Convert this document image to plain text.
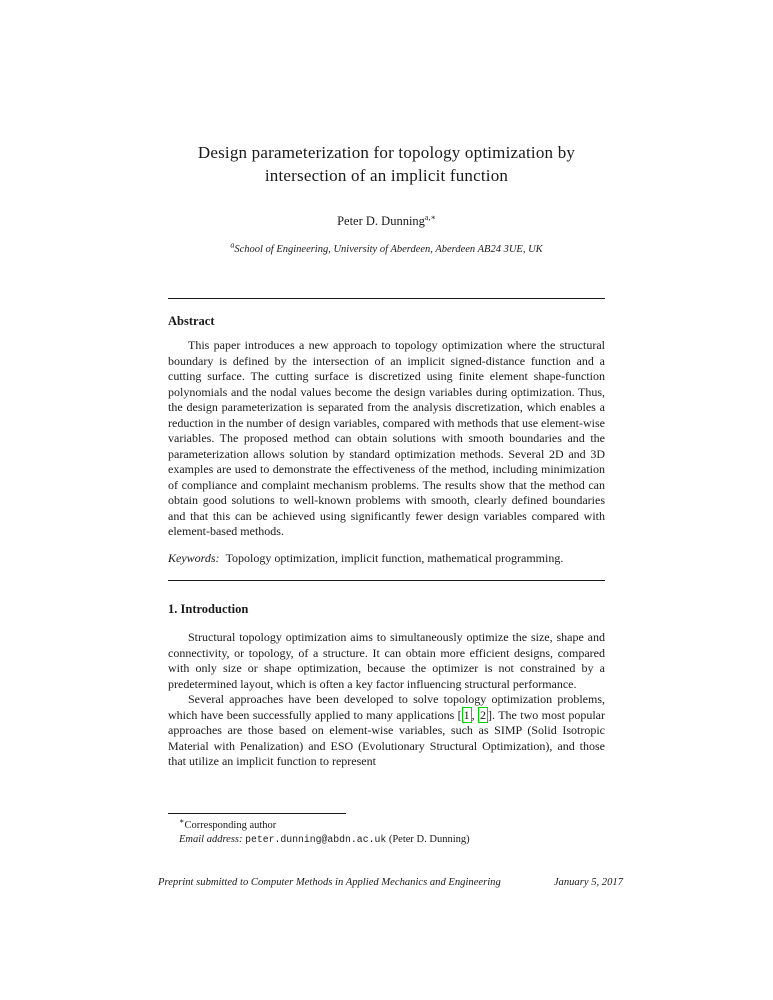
Design parameterization for topology optimization by
intersection of an implicit function
Peter D. Dunning$^{a,∗}$
$^a$School of Engineering, University of Aberdeen, Aberdeen AB24 3UE, UK
Abstract

This paper introduces a new approach to topology optimization where the structural boundary is defined by the intersection of an implicit signed-distance function and a cutting surface. The cutting surface is discretized using finite element shape-function polynomials and the nodal values become the design variables during optimization. Thus, the design parameterization is separated from the analysis discretization, which enables a reduction in the number of design variables, compared with methods that use element-wise variables. The proposed method can obtain solutions with smooth boundaries and the parameterization allows solution by standard optimization methods. Several 2D and 3D examples are used to demonstrate the effectiveness of the method, including minimization of compliance and complaint mechanism problems. The results show that the method can obtain good solutions to well-known problems with smooth, clearly defined boundaries and that this can be achieved using significantly fewer design variables compared with element-based methods.

Keywords: Topology optimization, implicit function, mathematical programming.

1. Introduction

Structural topology optimization aims to simultaneously optimize the size, shape and connectivity, or topology, of a structure. It can obtain more efficient designs, compared with only size or shape optimization, because the optimizer is not constrained by a predetermined layout, which is often a key factor influencing structural performance.

Several approaches have been developed to solve topology optimization problems, which have been successfully applied to many applications [ 1 , 2 ]. The two most popular approaches are those based on element-wise variables, such as SIMP (Solid Isotropic Material with Penalization) and ESO (Evolutionary Structural Optimization), and those that utilize an implicit function to represent

∗Corresponding author
Email address: peter.dunning@abdn.ac.uk (Peter D. Dunning)
Preprint submitted to Computer Methods in Applied Mechanics and Engineering	January 5, 2017
